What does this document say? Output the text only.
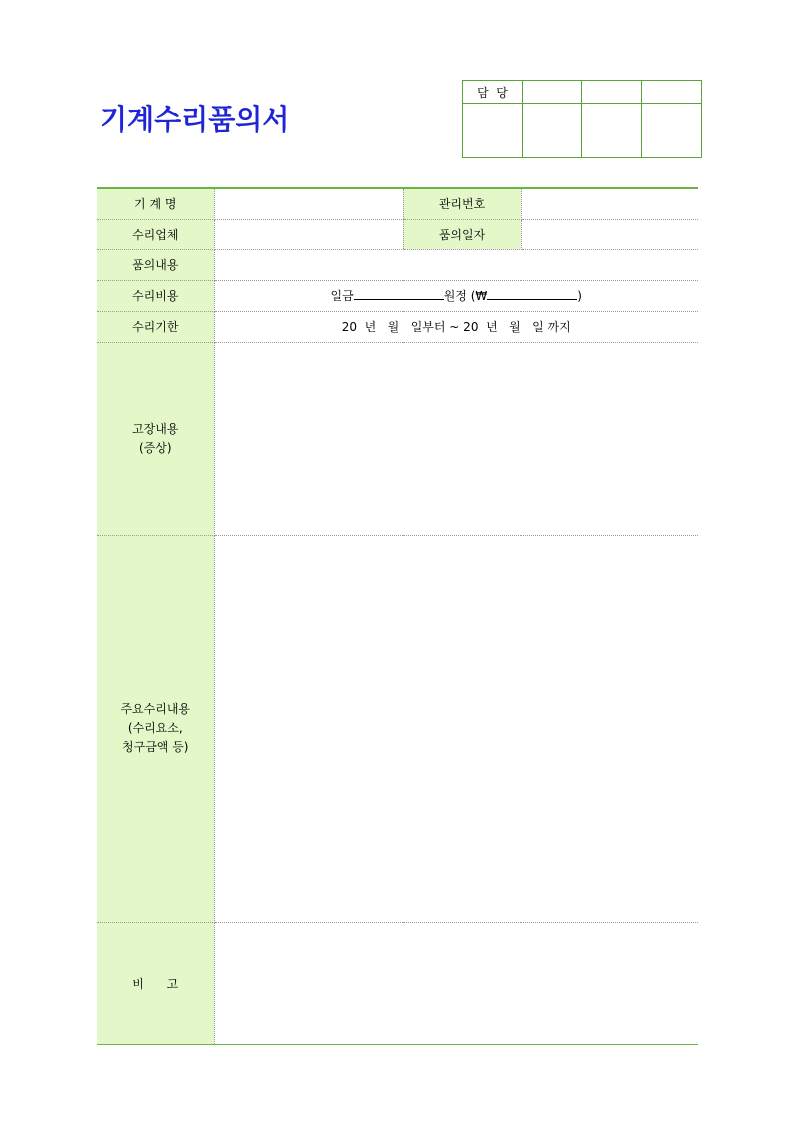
기계수리품의서
담  당			

기 계 명		관리번호	
수리업체		품의일자	
품의내용			
수리비용	일금 원정 (₩ )		
수리기한	20  년   월   일부터 ~ 20  년   월   일 까지		

고장내용
(증상)			

주요수리내용
(수리요소,
청구금액 등)			

비      고			
